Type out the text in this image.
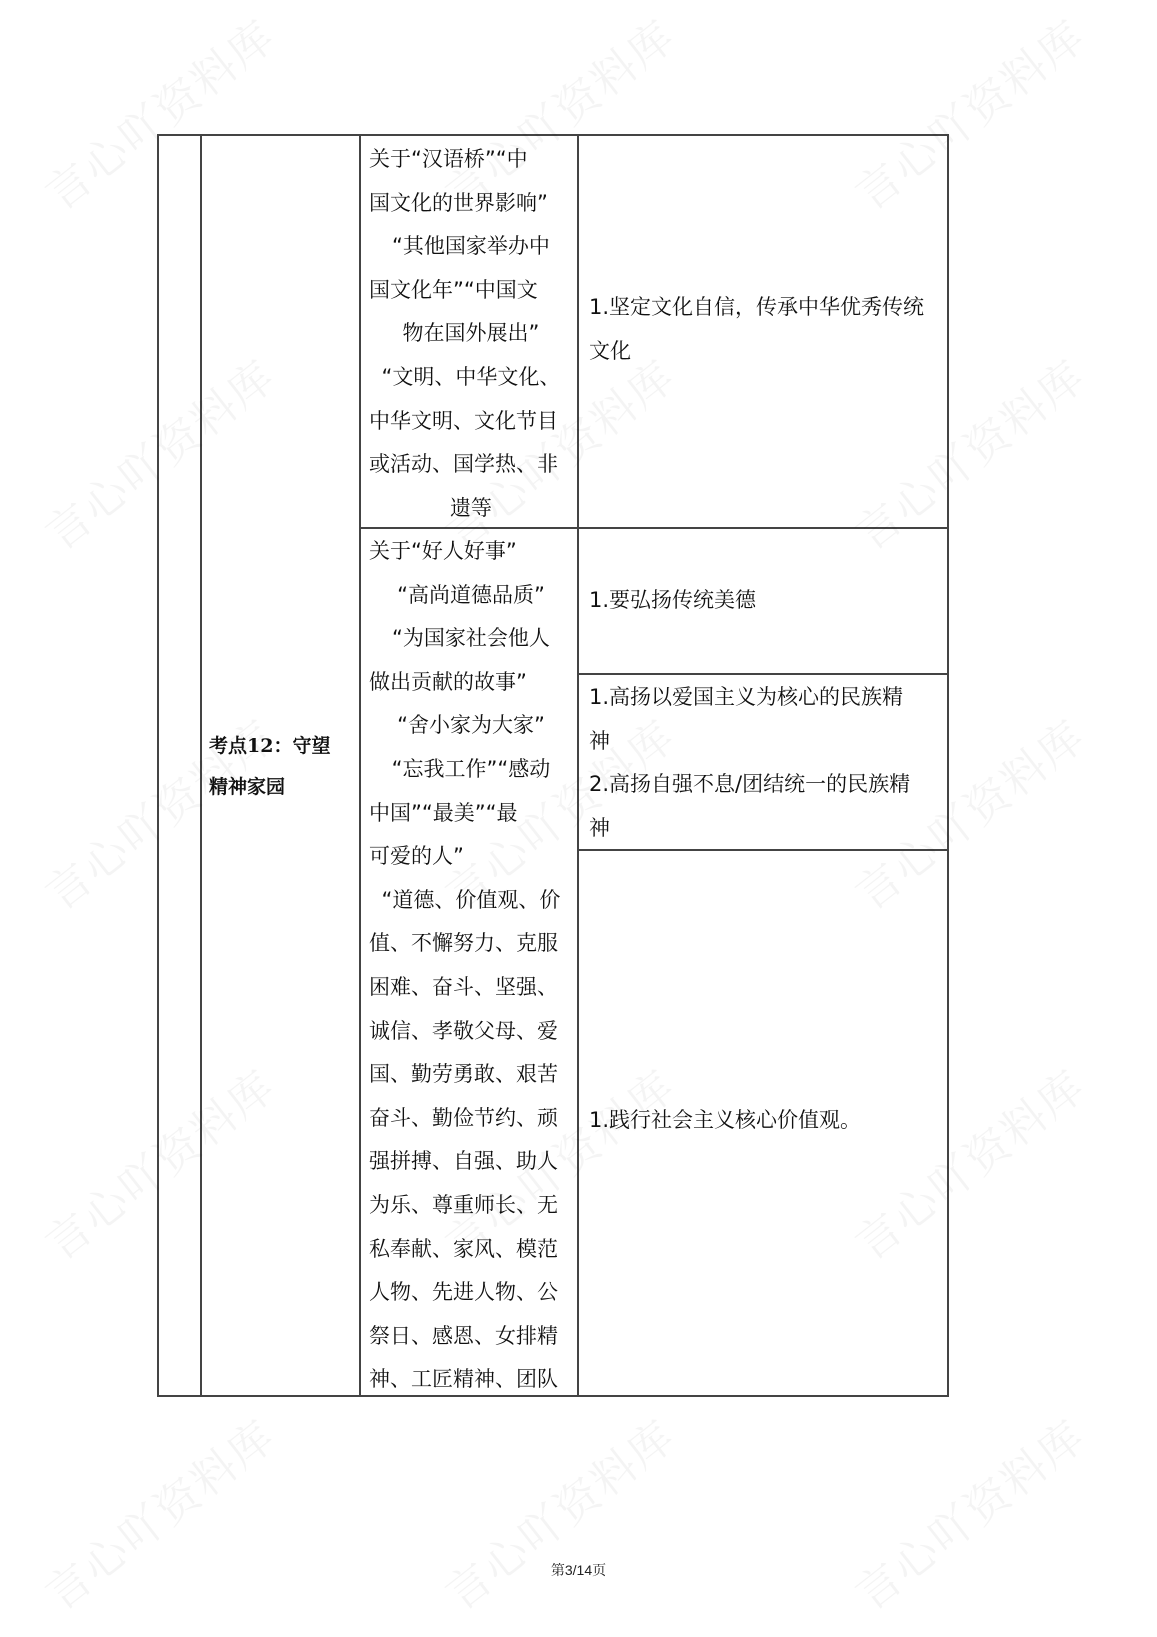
考点12：守望
精神家园
关于“汉语桥”“中
国文化的世界影响”
“其他国家举办中
国文化年”“中国文
物在国外展出”
“文明、中华文化、
中华文明、文化节目
或活动、国学热、非
遗等
1.坚定文化自信，传承中华优秀传统
文化
关于“好人好事”
“高尚道德品质”
“为国家社会他人
做出贡献的故事”
“舍小家为大家”
“忘我工作”“感动
中国”“最美”“最
可爱的人”
“道德、价值观、价
值、不懈努力、克服
困难、奋斗、坚强、
诚信、孝敬父母、爱
国、勤劳勇敢、艰苦
奋斗、勤俭节约、顽
强拼搏、自强、助人
为乐、尊重师长、无
私奉献、家风、模范
人物、先进人物、公
祭日、感恩、女排精
神、工匠精神、团队
1.要弘扬传统美德
1.高扬以爱国主义为核心的民族精
神
2.高扬自强不息/团结统一的民族精
神
1.践行社会主义核心价值观。
第3/14页
